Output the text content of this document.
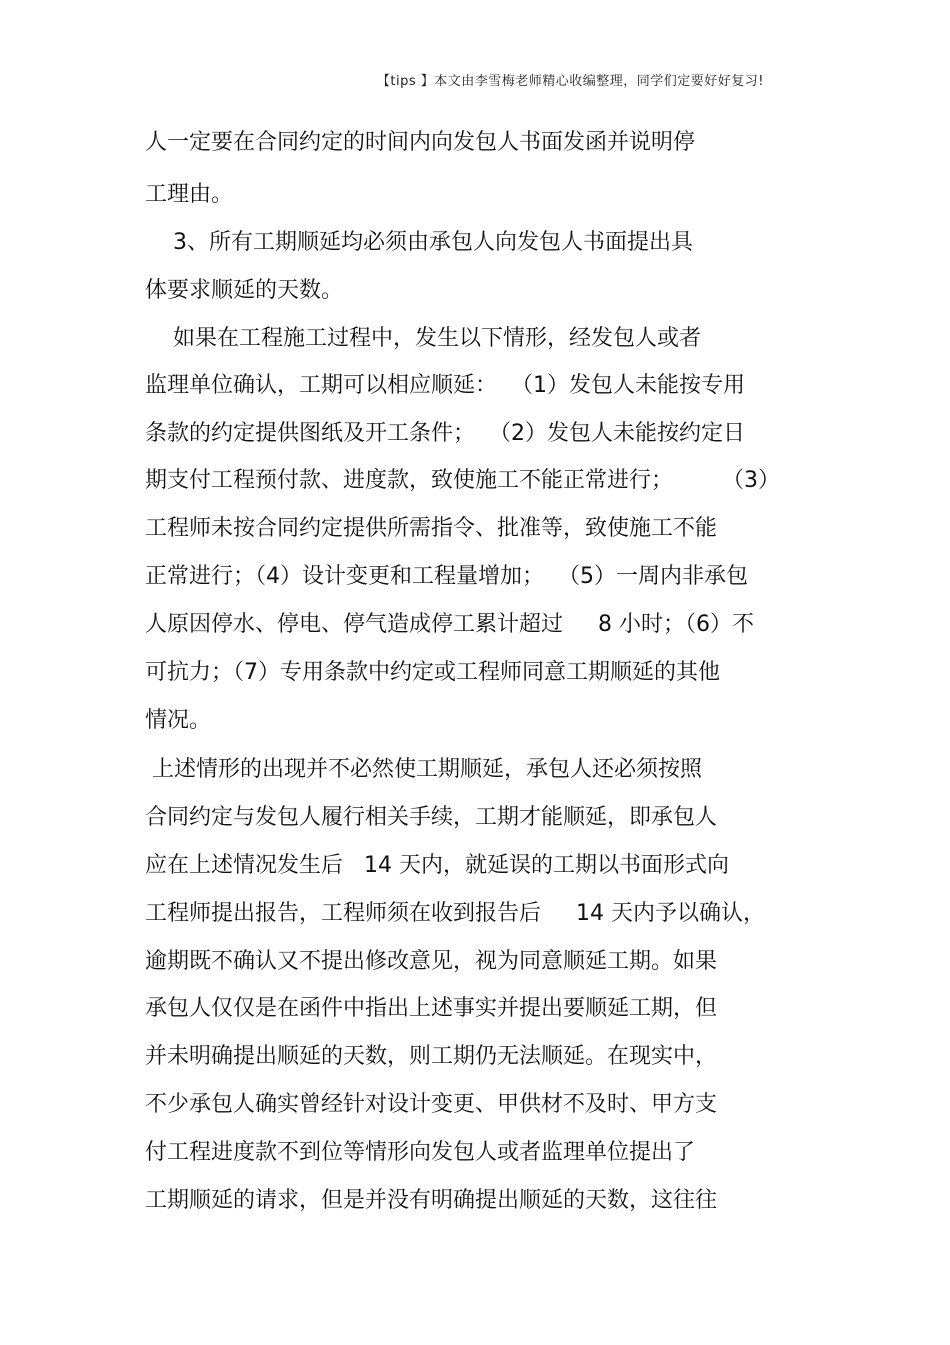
【tips 】本文由李雪梅老师精心收编整理，同学们定要好好复习!
人一定要在合同约定的时间内向发包人书面发函并说明停
工理由。
3、所有工期顺延均必须由承包人向发包人书面提出具
体要求顺延的天数。
如果在工程施工过程中，发生以下情形，经发包人或者
监理单位确认，工期可以相应顺延：  （1）发包人未能按专用
条款的约定提供图纸及开工条件；  （2）发包人未能按约定日
期支付工程预付款、进度款，致使施工不能正常进行；       （3）
工程师未按合同约定提供所需指令、批准等，致使施工不能
正常进行；（4）设计变更和工程量增加；  （5）一周内非承包
人原因停水、停电、停气造成停工累计超过     8 小时；（6）不
可抗力；（7）专用条款中约定或工程师同意工期顺延的其他
情况。
上述情形的出现并不必然使工期顺延，承包人还必须按照
合同约定与发包人履行相关手续，工期才能顺延，即承包人
应在上述情况发生后   14 天内，就延误的工期以书面形式向
工程师提出报告，工程师须在收到报告后     14 天内予以确认，
逾期既不确认又不提出修改意见，视为同意顺延工期。如果
承包人仅仅是在函件中指出上述事实并提出要顺延工期，但
并未明确提出顺延的天数，则工期仍无法顺延。在现实中，
不少承包人确实曾经针对设计变更、甲供材不及时、甲方支
付工程进度款不到位等情形向发包人或者监理单位提出了
工期顺延的请求，但是并没有明确提出顺延的天数，这往往
